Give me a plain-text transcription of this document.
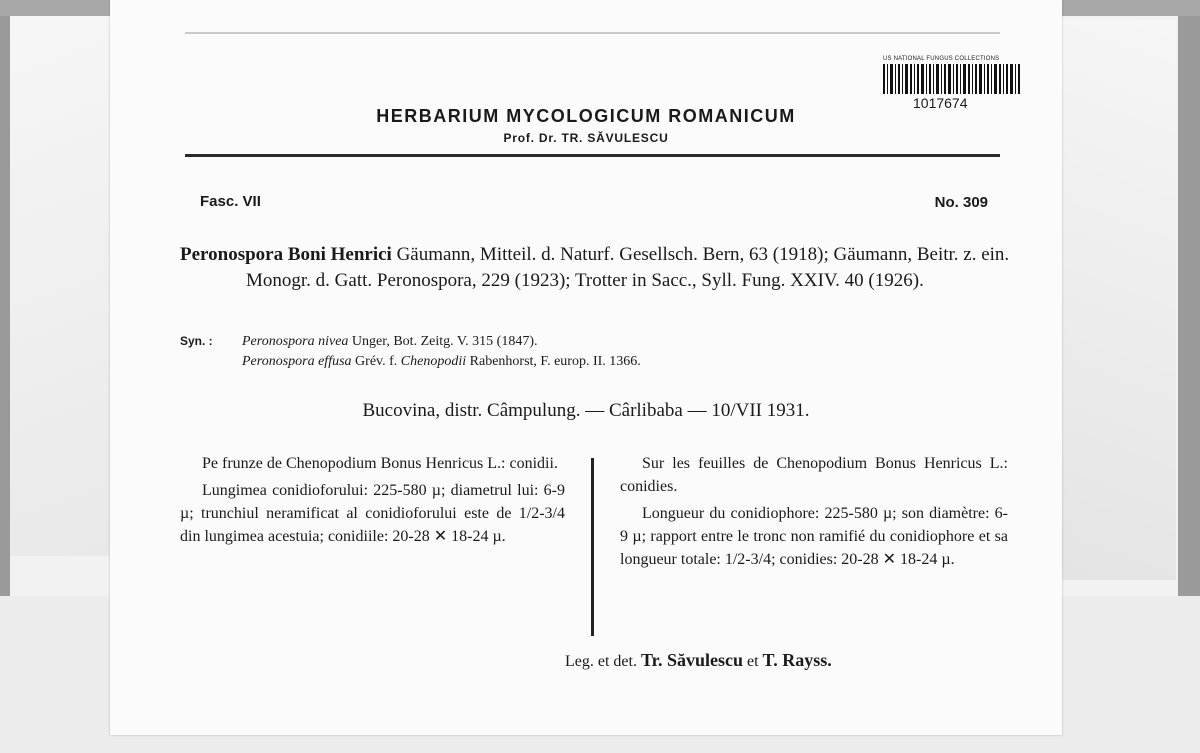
US NATIONAL FUNGUS COLLECTIONS
1017674
HERBARIUM MYCOLOGICUM ROMANICUM
Prof. Dr. TR. SĂVULESCU
Fasc. VII	No. 309
Peronospora Boni Henrici Gäumann, Mitteil. d. Naturf. Gesellsch. Bern, 63 (1918); Gäumann, Beitr. z. ein. Monogr. d. Gatt. Peronospora, 229 (1923); Trotter in Sacc., Syll. Fung. XXIV. 40 (1926).
Syn. : Peronospora nivea Unger, Bot. Zeitg. V. 315 (1847).
Peronospora effusa Grév. f. Chenopodii Rabenhorst, F. europ. II. 1366.
Bucovina, distr. Câmpulung. — Cârlibaba — 10/VII 1931.

Pe frunze de Chenopodium Bonus Henricus L.: conidii.

Lungimea conidioforului: 225-580 µ; diametrul lui: 6-9 µ; trunchiul neramificat al conidioforului este de 1/2-3/4 din lungimea acestuia; conidiile: 20-28 ✕ 18-24 µ.

Sur les feuilles de Chenopodium Bonus Henricus L.: conidies.

Longueur du conidiophore: 225-580 µ; son diamètre: 6-9 µ; rapport entre le tronc non ramifié du conidiophore et sa longueur totale: 1/2-3/4; conidies: 20-28 ✕ 18-24 µ.

Leg. et det. Tr. Săvulescu et T. Rayss.
